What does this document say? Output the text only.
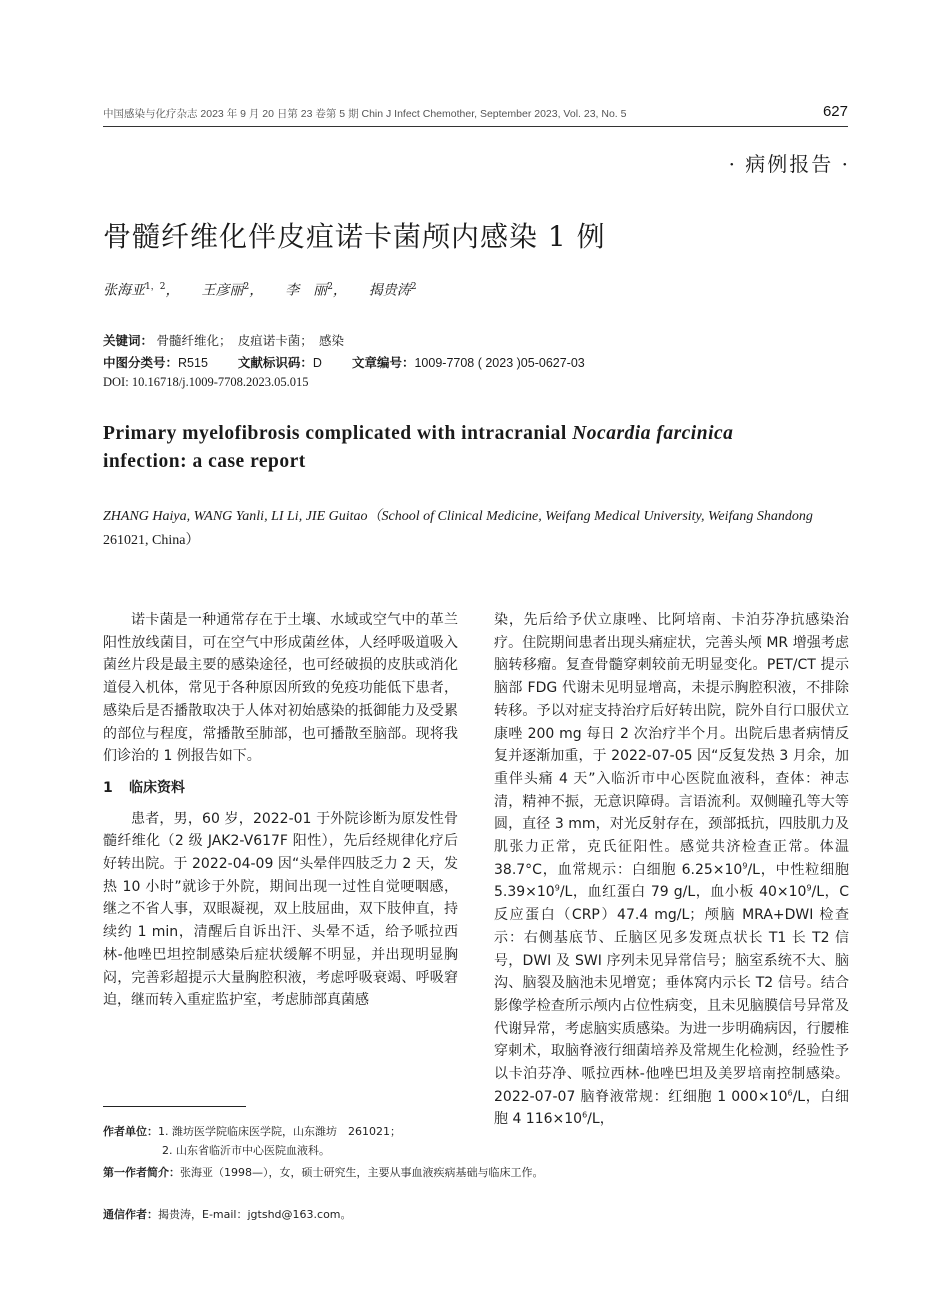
中国感染与化疗杂志 2023 年 9 月 20 日第 23 卷第 5 期 Chin J Infect Chemother, September 2023, Vol. 23, No. 5	627
· 病例报告 ·
骨髓纤维化伴皮疽诺卡菌颅内感染 1 例
张海亚$^{1,2}$， 王彦丽$^2$， 李　丽$^2$， 揭贵涛$^2$
关键词： 骨髓纤维化；　皮疽诺卡菌；　感染
中图分类号：R515 文献标识码：D 文章编号：1009-7708 ( 2023 )05-0627-03
DOI: 10.16718/j.1009-7708.2023.05.015
Primary myelofibrosis complicated with intracranial Nocardia farcinica
infection: a case report
ZHANG Haiya, WANG Yanli, LI Li, JIE Guitao（School of Clinical Medicine, Weifang Medical University, Weifang Shandong 261021, China）

诺卡菌是一种通常存在于土壤、水域或空气中的革兰阳性放线菌目，可在空气中形成菌丝体，人经呼吸道吸入菌丝片段是最主要的感染途径，也可经破损的皮肤或消化道侵入机体，常见于各种原因所致的免疫功能低下患者，感染后是否播散取决于人体对初始感染的抵御能力及受累的部位与程度，常播散至肺部，也可播散至脑部。现将我们诊治的 1 例报告如下。

1 临床资料

患者，男，60 岁，2022-01 于外院诊断为原发性骨髓纤维化（2 级 JAK2-V617F 阳性），先后经规律化疗后好转出院。于 2022-04-09 因“头晕伴四肢乏力 2 天，发热 10 小时”就诊于外院，期间出现一过性自觉哽咽感，继之不省人事，双眼凝视，双上肢屈曲，双下肢伸直，持续约 1 min，清醒后自诉出汗、头晕不适，给予哌拉西林-他唑巴坦控制感染后症状缓解不明显，并出现明显胸闷，完善彩超提示大量胸腔积液，考虑呼吸衰竭、呼吸窘迫，继而转入重症监护室，考虑肺部真菌感

染，先后给予伏立康唑、比阿培南、卡泊芬净抗感染治疗。住院期间患者出现头痛症状，完善头颅 MR 增强考虑脑转移瘤。复查骨髓穿刺较前无明显变化。PET/CT 提示脑部 FDG 代谢未见明显增高，未提示胸腔积液，不排除转移。予以对症支持治疗后好转出院，院外自行口服伏立康唑 200 mg 每日 2 次治疗半个月。出院后患者病情反复并逐渐加重，于 2022-07-05 因“反复发热 3 月余，加重伴头痛 4 天”入临沂市中心医院血液科，查体：神志清，精神不振，无意识障碍。言语流利。双侧瞳孔等大等圆，直径 3 mm，对光反射存在，颈部抵抗，四肢肌力及肌张力正常，克氏征阳性。感觉共济检查正常。体温 38.7°C，血常规示：白细胞 $6.25\times 10^9/L$，中性粒细胞 $5.39\times 10^9/L$，血红蛋白 79 g/L，血小板 $40\times 10^9/L$，C 反应蛋白（CRP）47.4 mg/L；颅脑 MRA+DWI 检查示：右侧基底节、丘脑区见多发斑点状长 T1 长 T2 信号，DWI 及 SWI 序列未见异常信号；脑室系统不大、脑沟、脑裂及脑池未见增宽；垂体窝内示长 T2 信号。结合影像学检查所示颅内占位性病变，且未见脑膜信号异常及代谢异常，考虑脑实质感染。为进一步明确病因，行腰椎穿刺术，取脑脊液行细菌培养及常规生化检测，经验性予以卡泊芬净、哌拉西林-他唑巴坦及美罗培南控制感染。2022-07-07 脑脊液常规：红细胞 1 $000\times 10^6/L$，白细胞 4 $116\times 10^6/L$，

作者单位：1. 潍坊医学院临床医学院，山东潍坊　261021；
2. 山东省临沂市中心医院血液科。
第一作者简介：张海亚（1998—），女，硕士研究生，主要从事血液疾病基础与临床工作。
通信作者：揭贵涛，E-mail：jgtshd@163.com。
